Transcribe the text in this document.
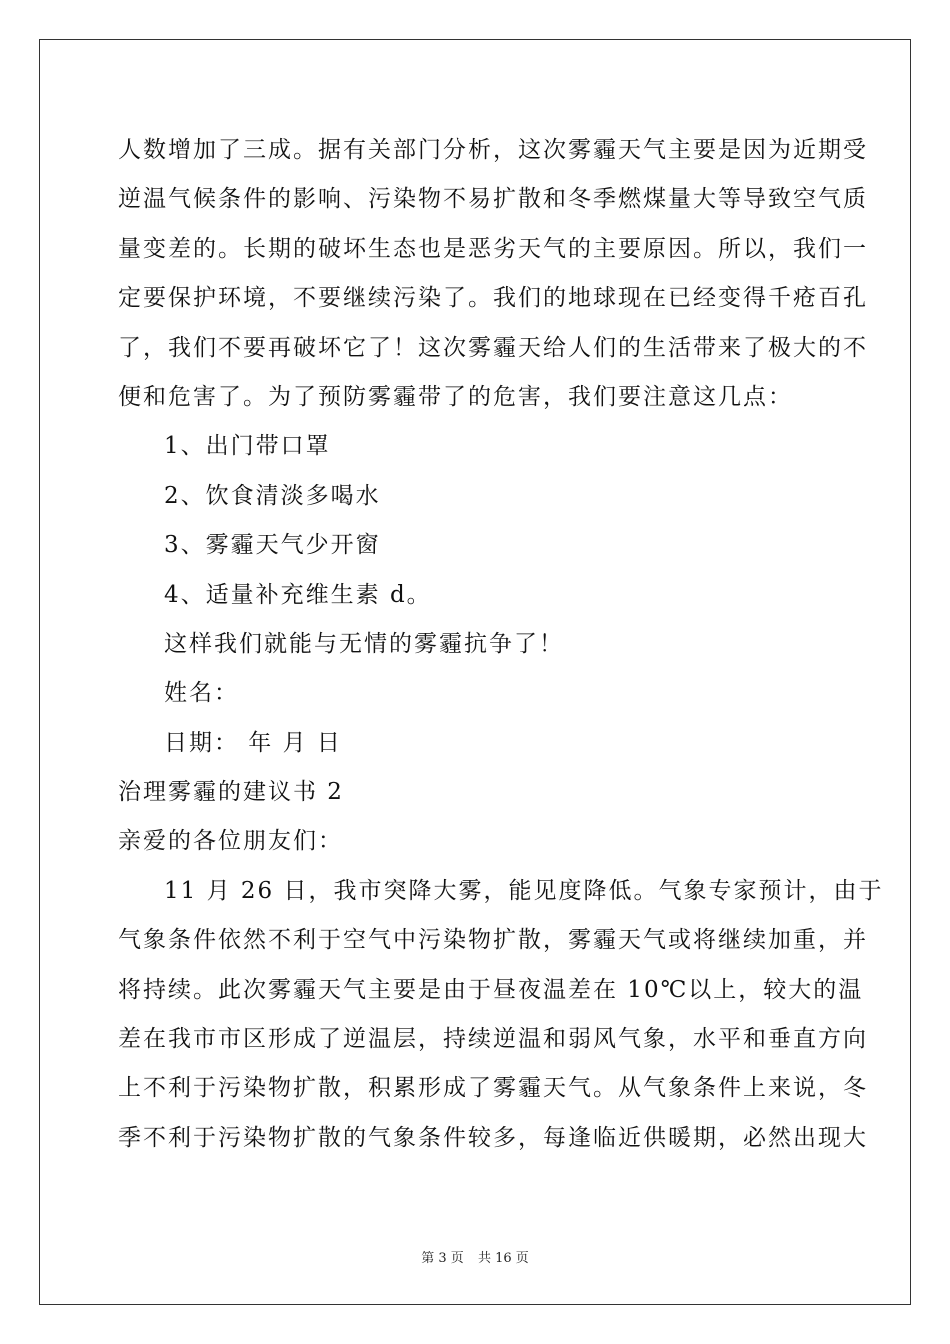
人数增加了三成。据有关部门分析，这次雾霾天气主要是因为近期受
逆温气候条件的影响、污染物不易扩散和冬季燃煤量大等导致空气质
量变差的。长期的破坏生态也是恶劣天气的主要原因。所以，我们一
定要保护环境，不要继续污染了。我们的地球现在已经变得千疮百孔
了，我们不要再破坏它了！这次雾霾天给人们的生活带来了极大的不
便和危害了。为了预防雾霾带了的危害，我们要注意这几点：
1、出门带口罩
2、饮食清淡多喝水
3、雾霾天气少开窗
4、适量补充维生素 d。
这样我们就能与无情的雾霾抗争了！
姓名：
日期： 年 月 日
治理雾霾的建议书 2
亲爱的各位朋友们：
11 月 26 日，我市突降大雾，能见度降低。气象专家预计，由于
气象条件依然不利于空气中污染物扩散，雾霾天气或将继续加重，并
将持续。此次雾霾天气主要是由于昼夜温差在 10℃以上，较大的温
差在我市市区形成了逆温层，持续逆温和弱风气象，水平和垂直方向
上不利于污染物扩散，积累形成了雾霾天气。从气象条件上来说，冬
季不利于污染物扩散的气象条件较多，每逢临近供暖期，必然出现大
第 3 页 共 16 页
